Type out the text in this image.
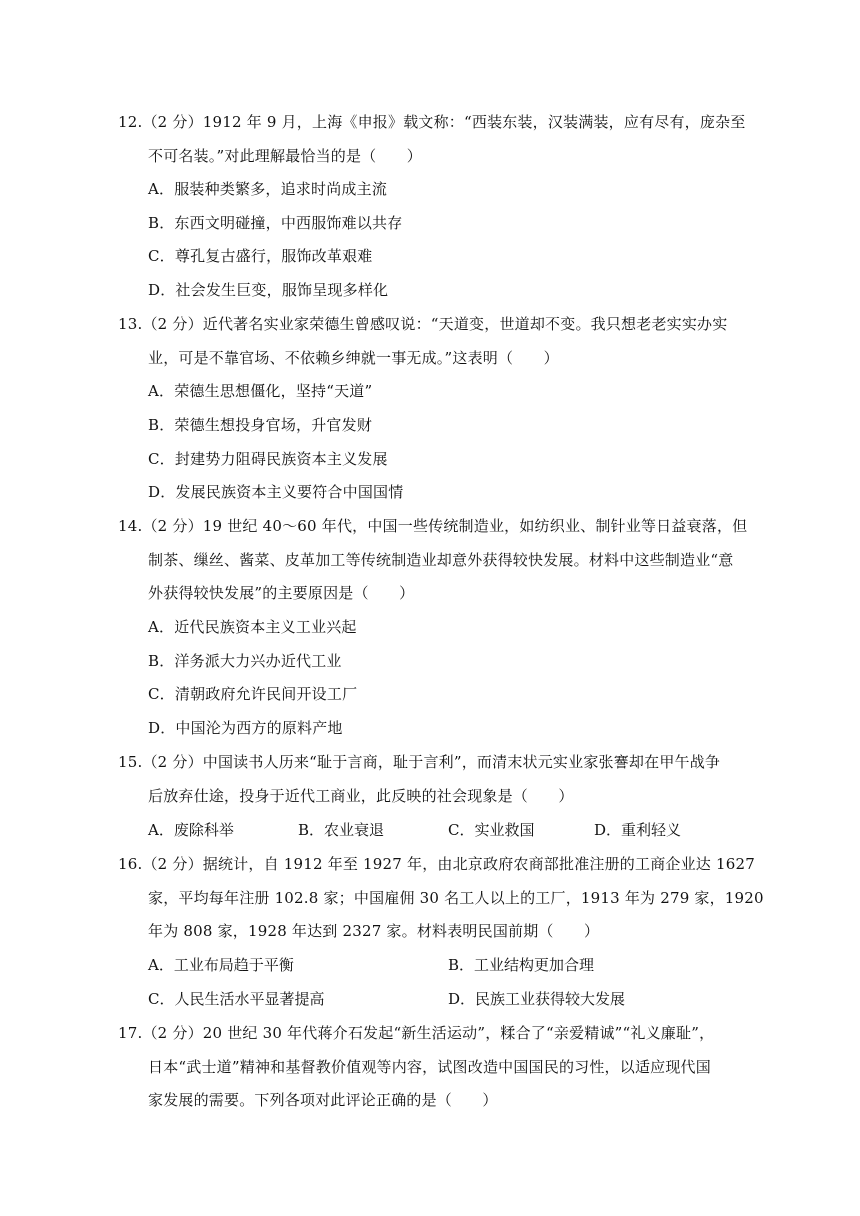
12.（2 分）1912 年 9 月，上海《申报》载文称：“西装东装，汉装满装，应有尽有，庞杂至
不可名装。”对此理解最恰当的是（　　）
A．服装种类繁多，追求时尚成主流
B．东西文明碰撞，中西服饰难以共存
C．尊孔复古盛行，服饰改革艰难
D．社会发生巨变，服饰呈现多样化
13.（2 分）近代著名实业家荣德生曾感叹说：“天道变，世道却不变。我只想老老实实办实
业，可是不靠官场、不依赖乡绅就一事无成。”这表明（　　）
A．荣德生思想僵化，坚持“天道”
B．荣德生想投身官场，升官发财
C．封建势力阻碍民族资本主义发展
D．发展民族资本主义要符合中国国情
14.（2 分）19 世纪 40～60 年代，中国一些传统制造业，如纺织业、制针业等日益衰落，但
制茶、缫丝、酱菜、皮革加工等传统制造业却意外获得较快发展。材料中这些制造业“意
外获得较快发展”的主要原因是（　　）
A．近代民族资本主义工业兴起
B．洋务派大力兴办近代工业
C．清朝政府允许民间开设工厂
D．中国沦为西方的原料产地
15.（2 分）中国读书人历来“耻于言商，耻于言利”，而清末状元实业家张謇却在甲午战争
后放弃仕途，投身于近代工商业，此反映的社会现象是（　　）
A．废除科举	B．农业衰退	C．实业救国	D．重利轻义
16.（2 分）据统计，自 1912 年至 1927 年，由北京政府农商部批准注册的工商企业达 1627
家，平均每年注册 102.8 家；中国雇佣 30 名工人以上的工厂，1913 年为 279 家，1920
年为 808 家，1928 年达到 2327 家。材料表明民国前期（　　）
A．工业布局趋于平衡	B．工业结构更加合理
C．人民生活水平显著提高	D．民族工业获得较大发展
17.（2 分）20 世纪 30 年代蒋介石发起“新生活运动”，糅合了“亲爱精诚”“礼义廉耻”，
日本“武士道”精神和基督教价值观等内容，试图改造中国国民的习性，以适应现代国
家发展的需要。下列各项对此评论正确的是（　　）
